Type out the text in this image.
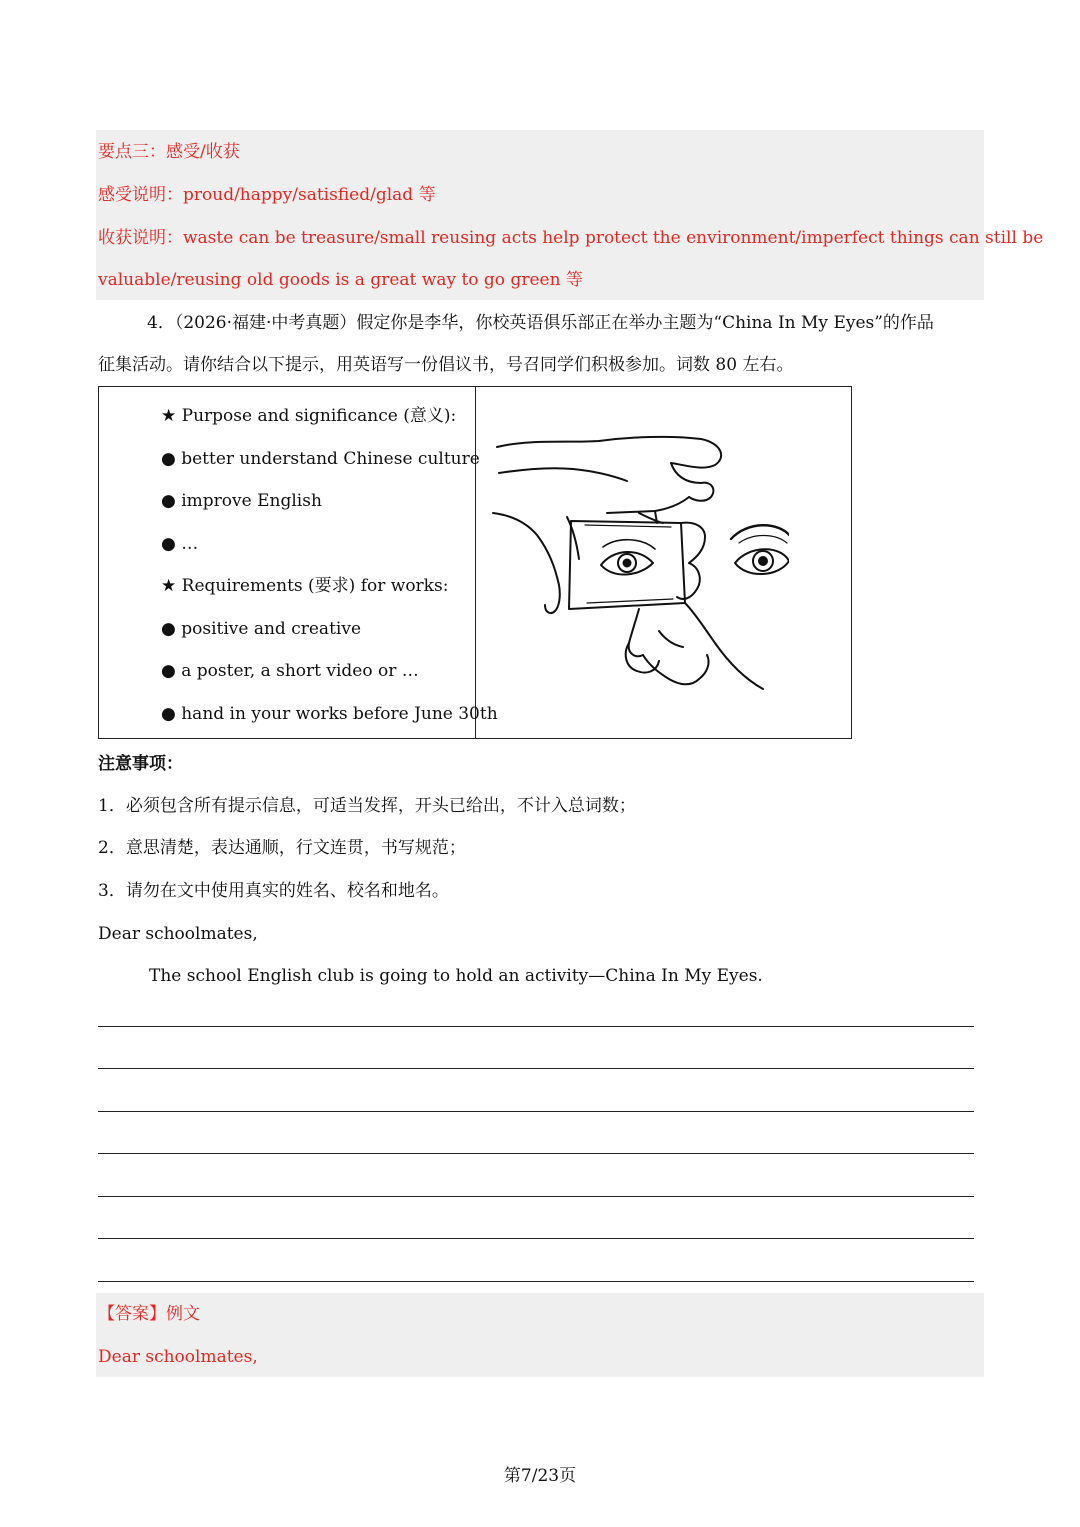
要点三：感受/收获
感受说明：proud/happy/satisfied/glad 等
收获说明：waste can be treasure/small reusing acts help protect the environment/imperfect things can still be
valuable/reusing old goods is a great way to go green 等
4．（2026·福建·中考真题）假定你是李华，你校英语俱乐部正在举办主题为“China In My Eyes”的作品
征集活动。请你结合以下提示，用英语写一份倡议书，号召同学们积极参加。词数 80 左右。
★ Purpose and significance (意义):
● better understand Chinese culture
● improve English
● …
★ Requirements (要求) for works:
● positive and creative
● a poster, a short video or …
● hand in your works before June 30th
注意事项：
1．必须包含所有提示信息，可适当发挥，开头已给出，不计入总词数；
2．意思清楚，表达通顺，行文连贯，书写规范；
3．请勿在文中使用真实的姓名、校名和地名。
Dear schoolmates,
The school English club is going to hold an activity—China In My Eyes.
【答案】例文
Dear schoolmates,
第7/23页
